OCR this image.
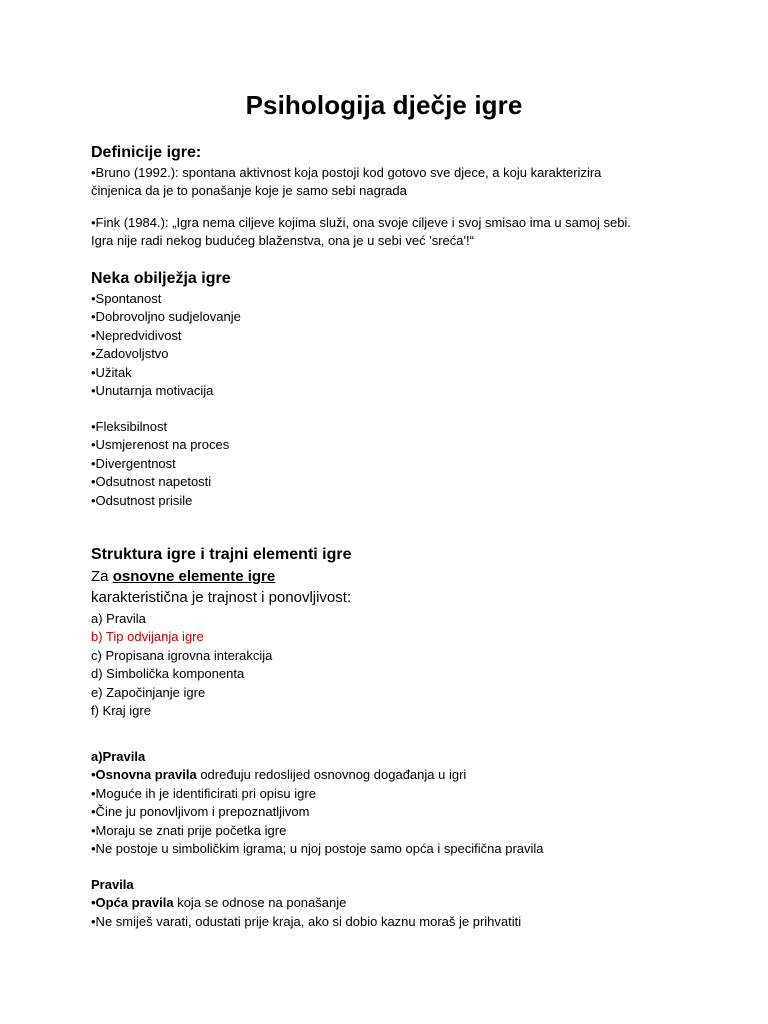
Psihologija dječje igre
Definicije igre:

•Bruno (1992.): spontana aktivnost koja postoji kod gotovo sve djece, a koju karakterizira

činjenica da je to ponašanje koje je samo sebi nagrada

•Fink (1984.): „Igra nema ciljeve kojima služi, ona svoje ciljeve i svoj smisao ima u samoj sebi.

Igra nije radi nekog budućeg blaženstva, ona je u sebi već 'sreća'!“

Neka obilježja igre
•Spontanost
•Dobrovoljno sudjelovanje
•Nepredvidivost
•Zadovoljstvo
•Užitak
•Unutarnja motivacija
•Fleksibilnost
•Usmjerenost na proces
•Divergentnost
•Odsutnost napetosti
•Odsutnost prisile
Struktura igre i trajni elementi igre
Za osnovne elemente igre
karakteristična je trajnost i ponovljivost:
a) Pravila
b) Tip odvijanja igre
c) Propisana igrovna interakcija
d) Simbolička komponenta
e) Započinjanje igre
f) Kraj igre
a)Pravila
•Osnovna pravila određuju redoslijed osnovnog događanja u igri
•Moguće ih je identificirati pri opisu igre
•Čine ju ponovljivom i prepoznatljivom
•Moraju se znati prije početka igre
•Ne postoje u simboličkim igrama; u njoj postoje samo opća i specifična pravila
Pravila
•Opća pravila koja se odnose na ponašanje
•Ne smiješ varati, odustati prije kraja, ako si dobio kaznu moraš je prihvatiti
